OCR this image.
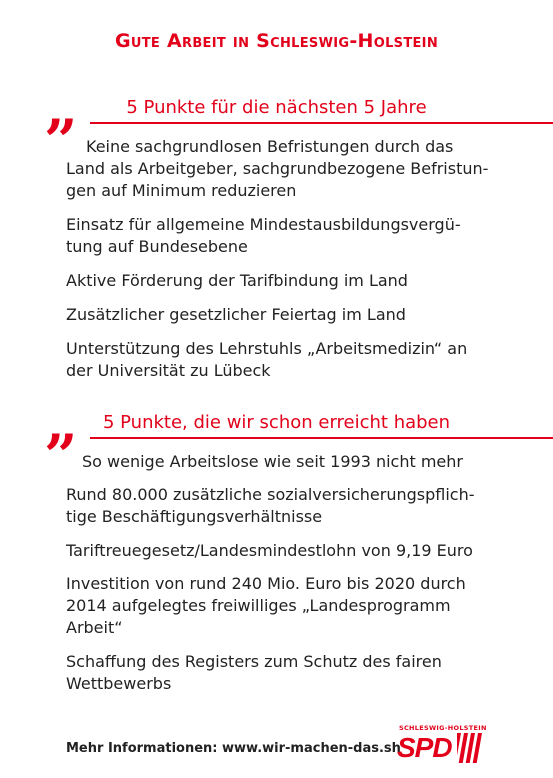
Gute Arbeit in Schleswig-Holstein
5 Punkte für die nächsten 5 Jahre
” Keine sachgrundlosen Befristungen durch das
Land als Arbeitgeber, sachgrundbezogene Befristun-
gen auf Minimum reduzieren
Einsatz für allgemeine Mindestausbildungsvergü-
tung auf Bundesebene
Aktive Förderung der Tarifbindung im Land
Zusätzlicher gesetzlicher Feiertag im Land
Unterstützung des Lehrstuhls „Arbeitsmedizin“ an
der Universität zu Lübeck
5 Punkte, die wir schon erreicht haben
” So wenige Arbeitslose wie seit 1993 nicht mehr
Rund 80.000 zusätzliche sozialversicherungspflich-
tige Beschäftigungsverhältnisse
Tariftreuegesetz/Landesmindestlohn von 9,19 Euro
Investition von rund 240 Mio. Euro bis 2020 durch
2014 aufgelegtes freiwilliges „Landesprogramm
Arbeit“
Schaffung des Registers zum Schutz des fairen
Wettbewerbs
Mehr Informationen: www.wir-machen-das.sh
SCHLESWIG-HOLSTEIN
SPD
